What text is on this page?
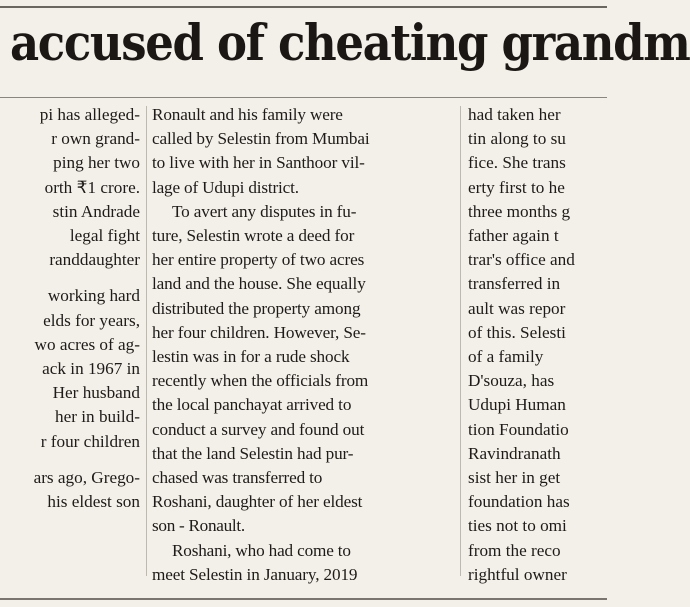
accused of cheating grandm
pi has alleged-
r own grand-
ping her two
orth ₹1 crore.
stin Andrade
legal fight
randdaughter
working hard
elds for years,
wo acres of ag-
ack in 1967 in
Her husband
her in build-
r four children
ars ago, Grego-
his eldest son
Ronault and his family were
called by Selestin from Mumbai
to live with her in Santhoor vil-
lage of Udupi district.
To avert any disputes in fu-
ture, Selestin wrote a deed for
her entire property of two acres
land and the house. She equally
distributed the property among
her four children. However, Se-
lestin was in for a rude shock
recently when the officials from
the local panchayat arrived to
conduct a survey and found out
that the land Selestin had pur-
chased was transferred to
Roshani, daughter of her eldest
son - Ronault.
Roshani, who had come to
meet Selestin in January, 2019
had taken her
tin along to su
fice. She trans
erty first to he
three months g
father again t
trar's office and
transferred in
ault was repor
of this. Selesti
of a family
D'souza, has
Udupi Human
tion Foundatio
Ravindranath
sist her in get
foundation has
ties not to omi
from the reco
rightful owner
